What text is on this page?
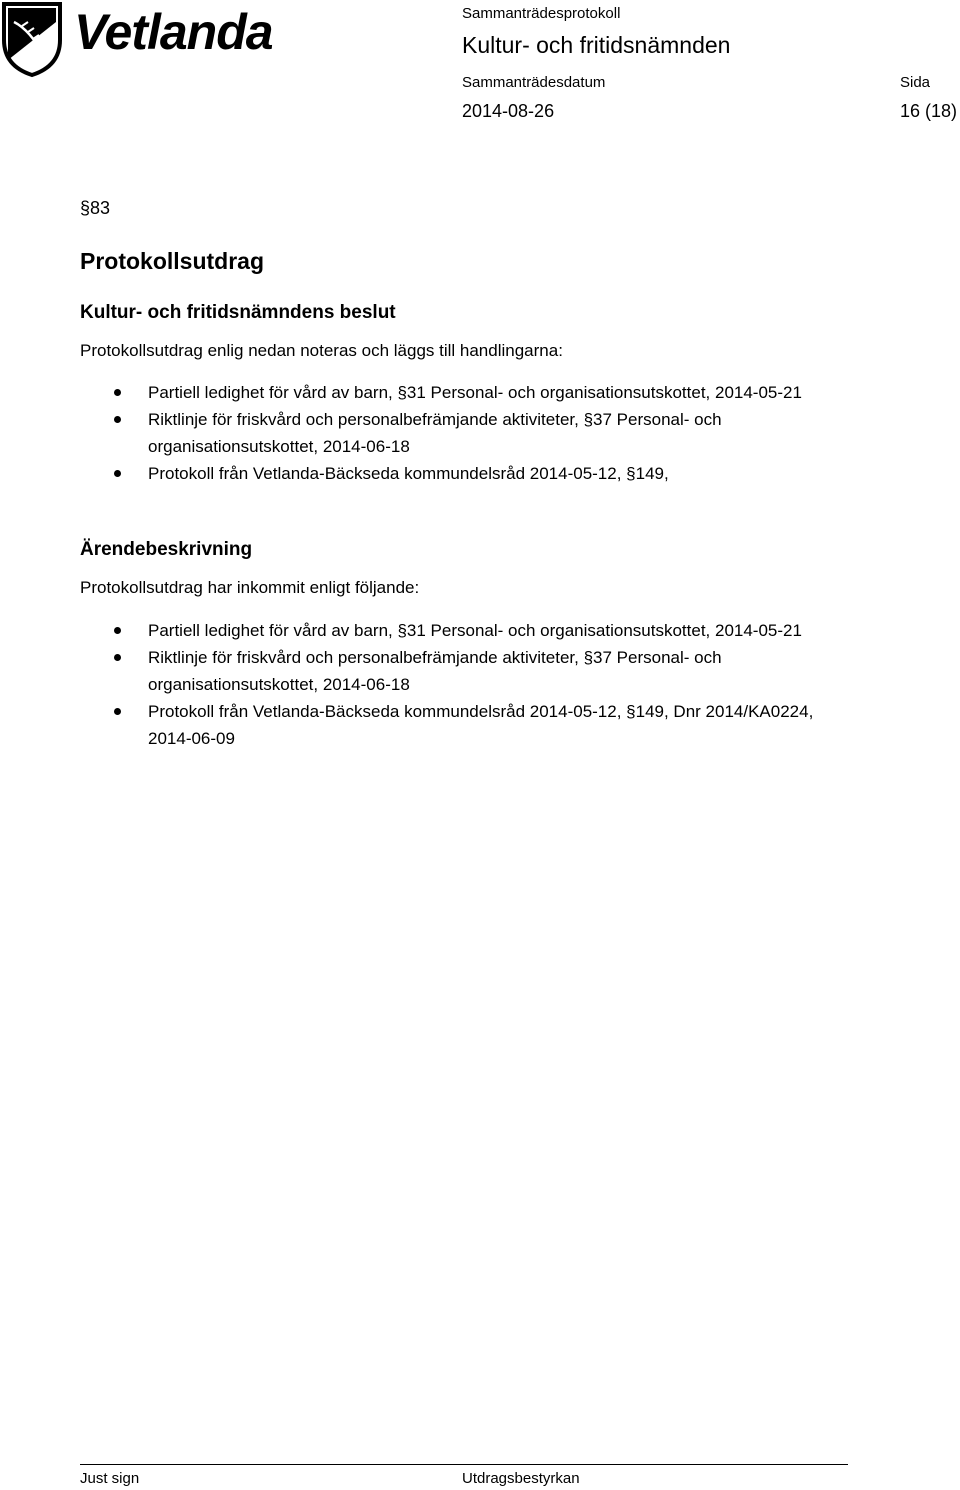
Vetlanda	Sammanträdesprotokoll
Kultur- och fritidsnämnden
Sammanträdesdatum
2014-08-26
Sida
16 (18)
§83
Protokollsutdrag
Kultur- och fritidsnämndens beslut
Protokollsutdrag enlig nedan noteras och läggs till handlingarna:
Partiell ledighet för vård av barn, §31 Personal- och organisationsutskottet, 2014-05-21
Riktlinje för friskvård och personalbefrämjande aktiviteter, §37 Personal- och organisationsutskottet, 2014-06-18
Protokoll från Vetlanda-Bäckseda kommundelsråd 2014-05-12, §149,
Ärendebeskrivning
Protokollsutdrag har inkommit enligt följande:
Partiell ledighet för vård av barn, §31 Personal- och organisationsutskottet, 2014-05-21
Riktlinje för friskvård och personalbefrämjande aktiviteter, §37 Personal- och organisationsutskottet, 2014-06-18
Protokoll från Vetlanda-Bäckseda kommundelsråd 2014-05-12, §149, Dnr 2014/KA0224, 2014-06-09
Just sign	Utdragsbestyrkan
